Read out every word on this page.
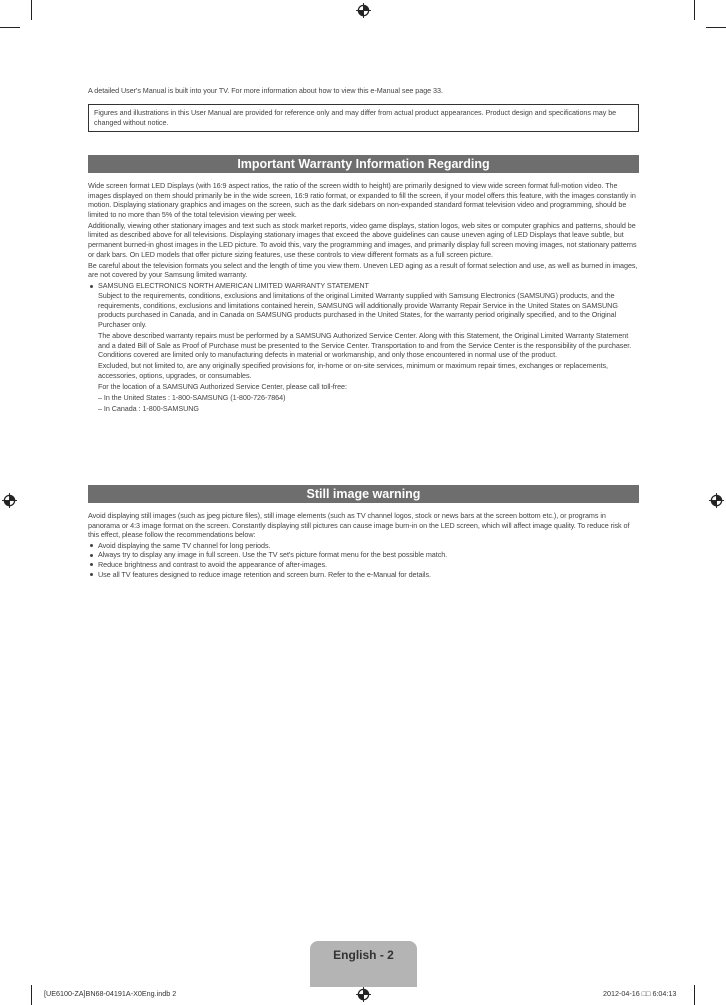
A detailed User's Manual is built into your TV. For more information about how to view this e-Manual see page 33.
Figures and illustrations in this User Manual are provided for reference only and may differ from actual product appearances. Product design and specifications may be changed without notice.
Important Warranty Information Regarding
Wide screen format LED Displays (with 16:9 aspect ratios, the ratio of the screen width to height) are primarily designed to view wide screen format full-motion video. The images displayed on them should primarily be in the wide screen, 16:9 ratio format, or expanded to fill the screen, if your model offers this feature, with the images constantly in motion. Displaying stationary graphics and images on the screen, such as the dark sidebars on non-expanded standard format television video and programming, should be limited to no more than 5% of the total television viewing per week.
Additionally, viewing other stationary images and text such as stock market reports, video game displays, station logos, web sites or computer graphics and patterns, should be limited as described above for all televisions. Displaying stationary images that exceed the above guidelines can cause uneven aging of LED Displays that leave subtle, but permanent burned-in ghost images in the LED picture. To avoid this, vary the programming and images, and primarily display full screen moving images, not stationary patterns or dark bars. On LED models that offer picture sizing features, use these controls to view different formats as a full screen picture.
Be careful about the television formats you select and the length of time you view them. Uneven LED aging as a result of format selection and use, as well as burned in images, are not covered by your Samsung limited warranty.
SAMSUNG ELECTRONICS NORTH AMERICAN LIMITED WARRANTY STATEMENT
Subject to the requirements, conditions, exclusions and limitations of the original Limited Warranty supplied with Samsung Electronics (SAMSUNG) products, and the requirements, conditions, exclusions and limitations contained herein, SAMSUNG will additionally provide Warranty Repair Service in the United States on SAMSUNG products purchased in Canada, and in Canada on SAMSUNG products purchased in the United States, for the warranty period originally specified, and to the Original Purchaser only.
The above described warranty repairs must be performed by a SAMSUNG Authorized Service Center. Along with this Statement, the Original Limited Warranty Statement and a dated Bill of Sale as Proof of Purchase must be presented to the Service Center. Transportation to and from the Service Center is the responsibility of the purchaser. Conditions covered are limited only to manufacturing defects in material or workmanship, and only those encountered in normal use of the product.
Excluded, but not limited to, are any originally specified provisions for, in-home or on-site services, minimum or maximum repair times, exchanges or replacements, accessories, options, upgrades, or consumables.
For the location of a SAMSUNG Authorized Service Center, please call toll-free:
– In the United States : 1-800-SAMSUNG (1-800-726-7864)
– In Canada : 1-800-SAMSUNG
Still image warning
Avoid displaying still images (such as jpeg picture files), still image elements (such as TV channel logos, stock or news bars at the screen bottom etc.), or programs in panorama or 4:3 image format on the screen. Constantly displaying still pictures can cause image burn-in on the LED screen, which will affect image quality. To reduce risk of this effect, please follow the recommendations below:
Avoid displaying the same TV channel for long periods.
Always try to display any image in full screen. Use the TV set's picture format menu for the best possible match.
Reduce brightness and contrast to avoid the appearance of after-images.
Use all TV features designed to reduce image retention and screen burn. Refer to the e-Manual for details.
English - 2
[UE6100-ZA]BN68-04191A-X0Eng.indb 2	2012-04-16 □□ 6:04:13
